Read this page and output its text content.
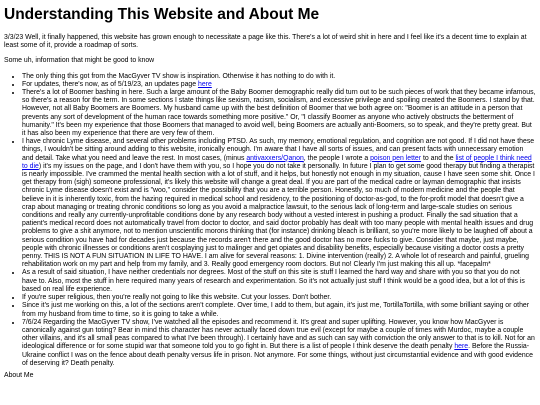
Understanding This Website and About Me

3/3/23 Well, it finally happened, this website has grown enough to necessitate a page like this. There's a lot of weird shit in here and I feel like it's a decent time to explain at least some of it, provide a roadmap of sorts.

Some uh, information that might be good to know

• The only thing this got from the MacGyver TV show is inspiration. Otherwise it has nothing to do with it.
• For updates, there's now, as of 5/19/23, an updates page here
• There's a lot of Boomer bashing in here. Such a large amount of the Baby Boomer demographic really did turn out to be such pieces of work that they became infamous, so there's a reason for the term. In some sections I state things like sexism, racism, socialism, and excessive privilege and spoiling created the Boomers. I stand by that. However, not all Baby Boomers are Boomers. My husband came up with the best definition of Boomer that we both agree on: "Boomer is an attitude in a person that prevents any sort of development of the human race towards something more positive." Or, "I classify Boomer as anyone who actively obstructs the betterment of humanity." It's been my experience that those Boomers that managed to avoid well, being Boomers are actually anti-Boomers, so to speak, and they're pretty great. But it has also been my experience that there are very few of them.
• I have chronic Lyme disease, and several other problems including PTSD. As such, my memory, emotional regulation, and cognition are not good. If I did not have these things, I wouldn't be sitting around adding to this website, ironically enough. I'm aware that I have all sorts of issues, and can present facts with unnecessary emotion and detail. Take what you need and leave the rest. In most cases, (minus antivaxxers/Qanon, the people I wrote a poison pen letter to and the list of people I think need to die) it's my issues on the page, and I don't have them with you, so I hope you do not take it personally. In future I plan to get some good therapy but finding a therapist is nearly impossible. I've crammed the mental health section with a lot of stuff, and it helps, but honestly not enough in my situation, cause I have seen some shit. Once I get therapy from (sigh) someone professional, it's likely this website will change a great deal. If you are part of the medical cadre or layman demographic that insists chronic Lyme disease doesn't exist and is "woo," consider the possibility that you are a terrible person. Honestly, so much of modern medicine and the people that believe in it is inherently toxic, from the hazing required in medical school and residency, to the positioning of doctor-as-god, to the for-profit model that doesn't give a crap about managing or treating chronic conditions so long as you avoid a malpractice lawsuit, to the serious lack of long-term and large-scale studies on serious conditions and really any currently-unprofitable conditions done by any research body without a vested interest in pushing a product. Finally the sad situation that a patient's medical record does not automatically travel from doctor to doctor, and said doctor probably has dealt with too many people with mental health issues and drug problems to give a shit anymore, not to mention unscientific morons thinking that (for instance) drinking bleach is brilliant, so you're more likely to be laughed off about a serious condition you have had for decades just because the records aren't there and the good doctor has no more fucks to give. Consider that maybe, just maybe, people with chronic illnesses or conditions aren't cosplaying just to malinger and get opiates and disability benefits, especially because visiting a doctor costs a pretty penny. THIS IS NOT A FUN SITUATION IN LIFE TO HAVE. I am alive for several reasons: 1. Divine intervention (really) 2. A whole lot of research and painful, grueling rehabilitation work on my part and help from my family, and 3. Really good emergency room doctors. But no! Clearly I'm just making this all up. *facepalm*
• As a result of said situation, I have neither credentials nor degrees. Most of the stuff on this site is stuff I learned the hard way and share with you so that you do not have to. Also, most the stuff in here required many years of research and experimentation. So it's not actually just stuff I think would be a good idea, but a lot of this is based on real life experience.
• If you're super religious, then you're really not going to like this website. Cut your losses. Don't bother.
• Since it's just me working on this, a lot of the sections aren't complete. Over time, I add to them, but again, it's just me, TortillaTortilla, with some brilliant saying or other from my husband from time to time, so it is going to take a while.
• 7/6/24 Regarding the MacGyver TV show, I've watched all the episodes and recommend it. It's great and super uplifting. However, you know how MacGyver is canonically against gun toting? Bear in mind this character has never actually faced down true evil (except for maybe a couple of times with Murdoc, maybe a couple other villains, and it's all small peas compared to what I've been through). I certainly have and as such can say with conviction the only answer to that is to kill. Not for an ideological difference or for some stupid war that someone told you to go fight in. But there is a list of people I think deserve the death penalty here. Before the Russia-Ukraine conflict I was on the fence about death penalty versus life in prison. Not anymore. For some things, without just circumstantial evidence and with good evidence of deserving it? Death penalty.
About Me
